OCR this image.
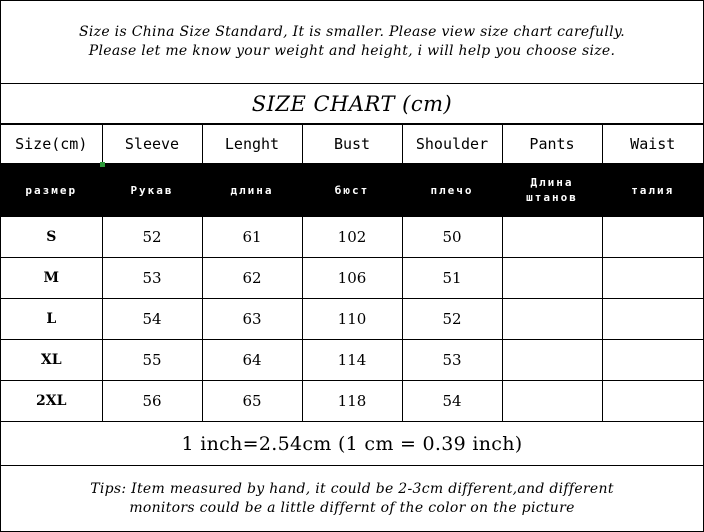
Size is China Size Standard, It is smaller. Please view size chart carefully.
Please let me know your weight and height, i will help you choose size.
SIZE CHART (cm)
Size(cm)	Sleeve	Lenght	Bust	Shoulder	Pants	Waist
размер	Рукав	длина	бюст	плечо	Длина штанов	талия
S	52	61	102	50		
M	53	62	106	51		
L	54	63	110	52		
XL	55	64	114	53		
2XL	56	65	118	54		
1 inch=2.54cm (1 cm = 0.39 inch)
Tips: Item measured by hand, it could be 2-3cm different,and different
monitors could be a little differnt of the color on the picture
